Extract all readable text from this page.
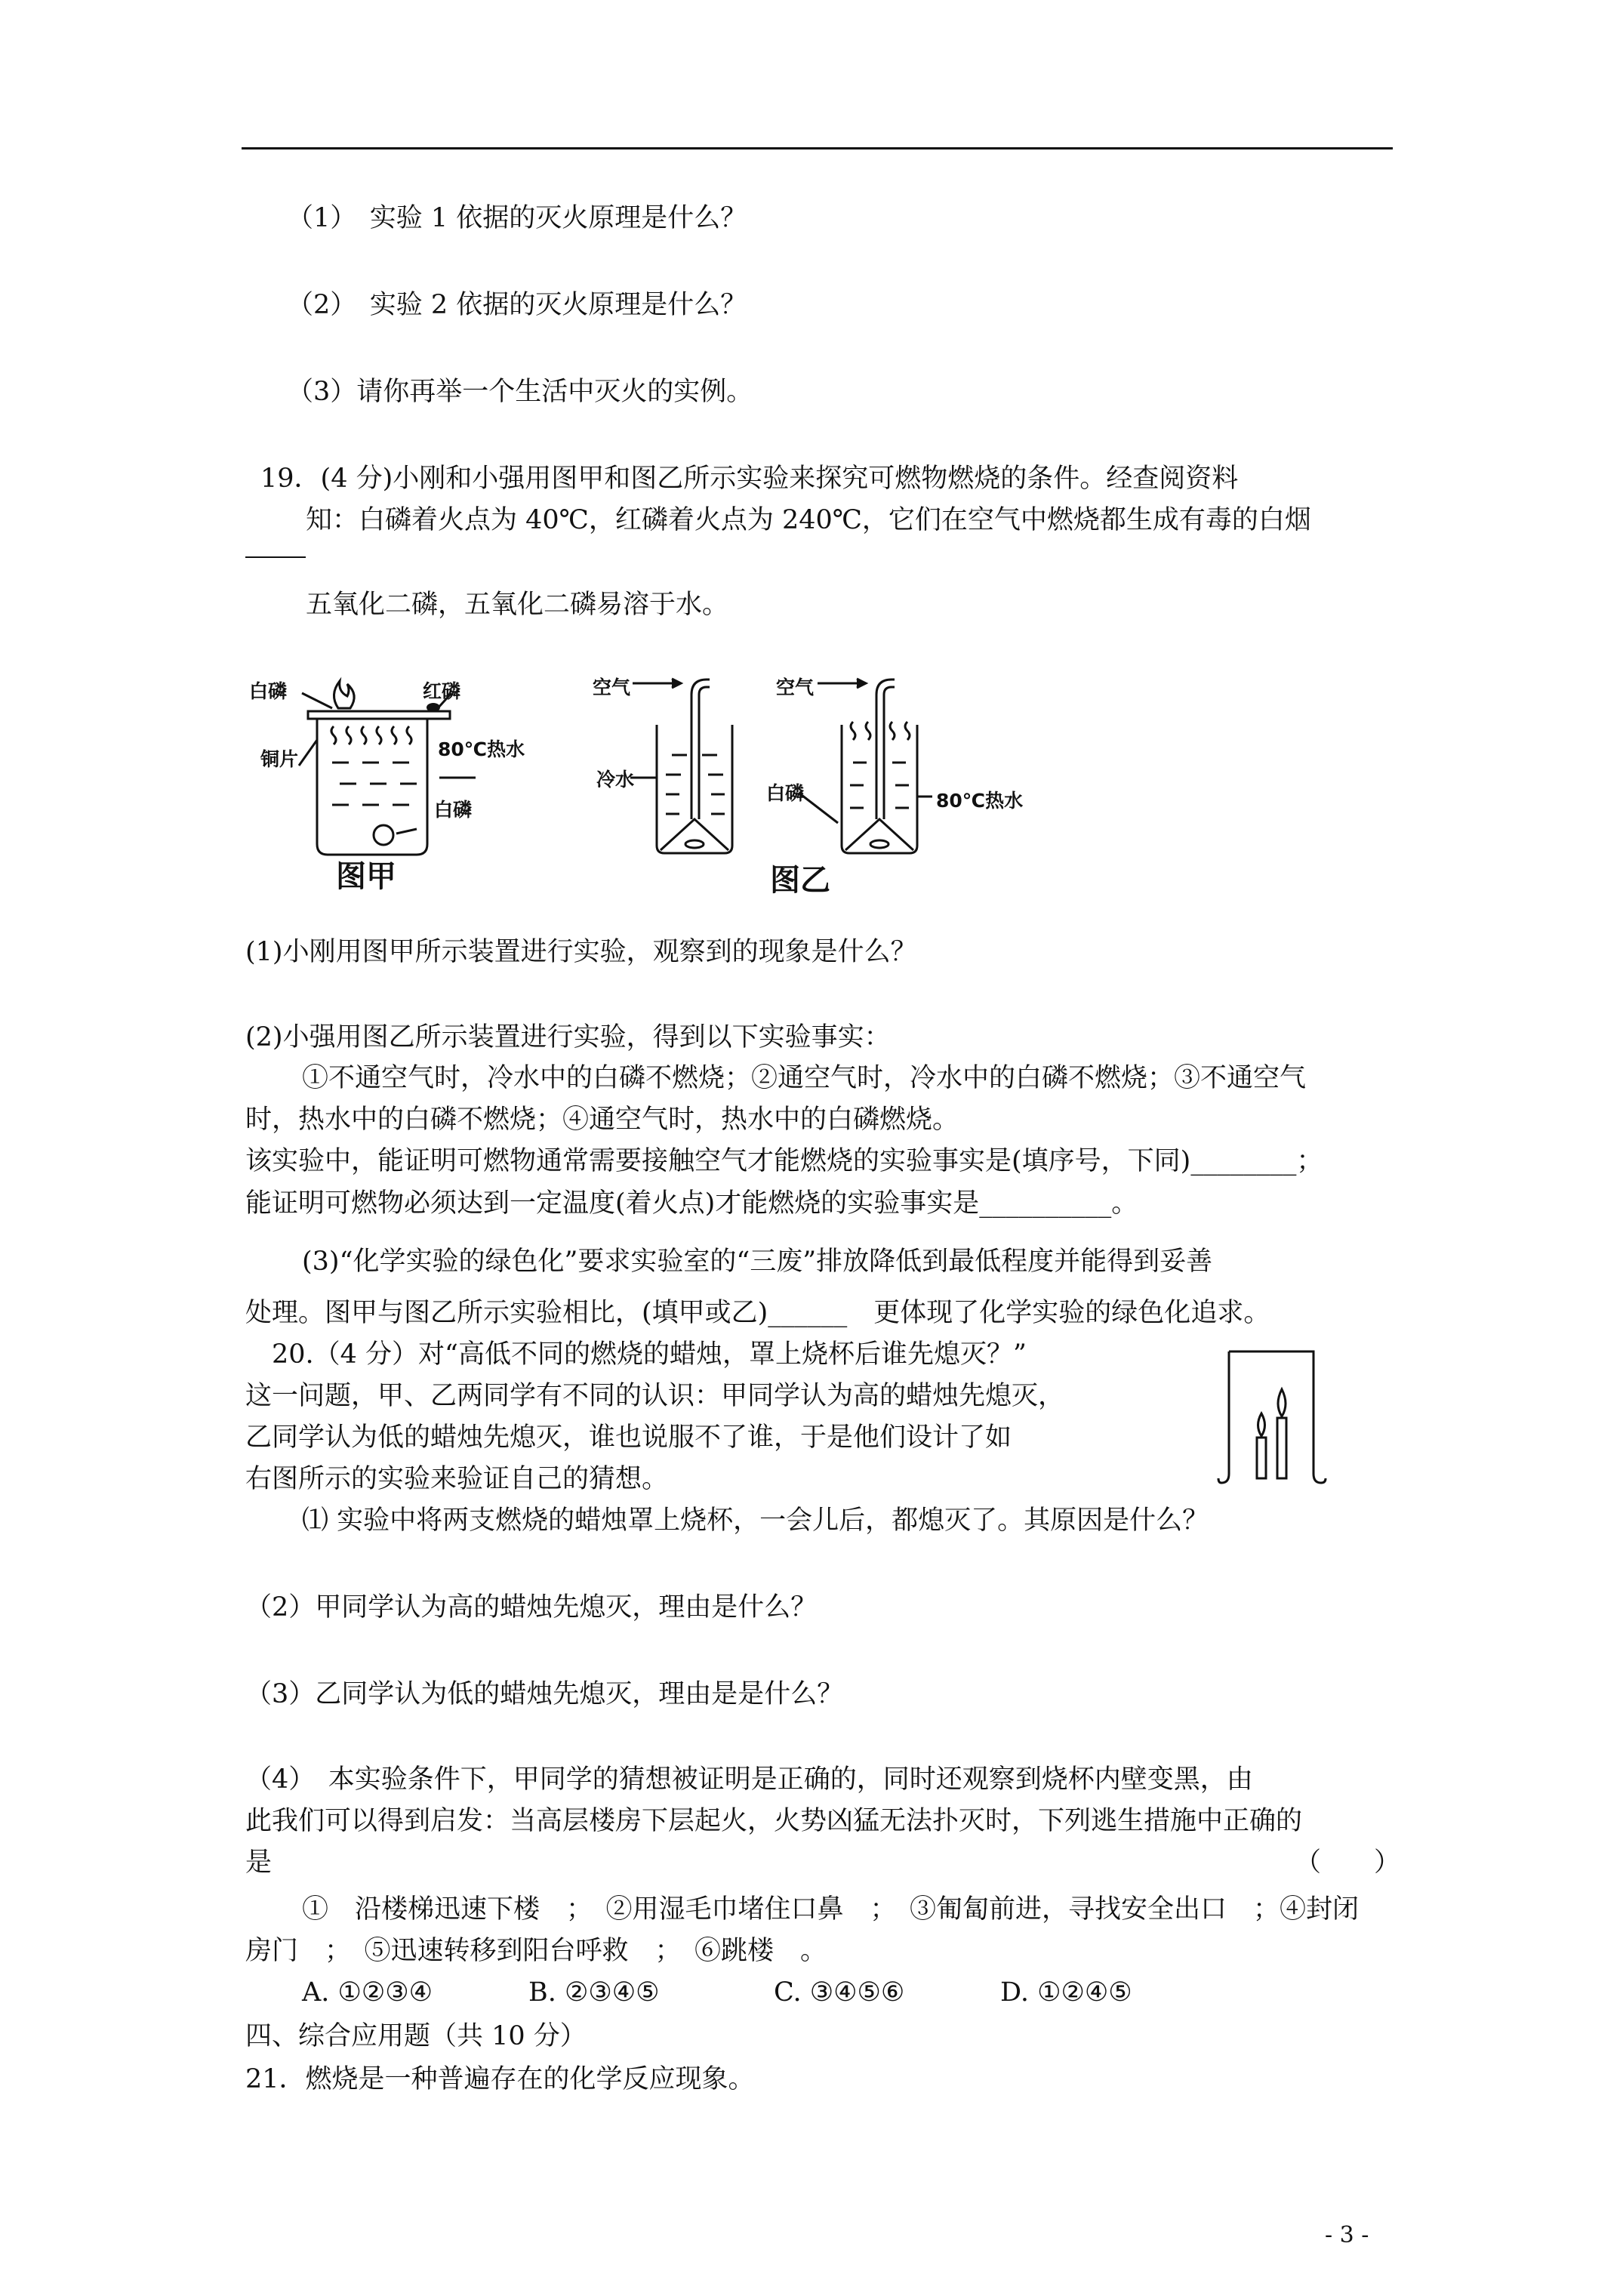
（1）　实验 1 依据的灭火原理是什么？
（2）　实验 2 依据的灭火原理是什么？
（3）请你再举一个生活中灭火的实例。
19．(4 分)小刚和小强用图甲和图乙所示实验来探究可燃物燃烧的条件。经查阅资料
知：白磷着火点为 40℃，红磷着火点为 240℃，它们在空气中燃烧都生成有毒的白烟
五氧化二磷，五氧化二磷易溶于水。
白磷	红磷
铜片	80℃热水
白磷
图甲
空气	空气
冷水
白磷	80℃热水
图乙
(1)小刚用图甲所示装置进行实验，观察到的现象是什么？
(2)小强用图乙所示装置进行实验，得到以下实验事实：
①不通空气时，冷水中的白磷不燃烧；②通空气时，冷水中的白磷不燃烧；③不通空气
时，热水中的白磷不燃烧；④通空气时，热水中的白磷燃烧。
该实验中，能证明可燃物通常需要接触空气才能燃烧的实验事实是(填序号，下同)________；
能证明可燃物必须达到一定温度(着火点)才能燃烧的实验事实是__________。
(3)“化学实验的绿色化”要求实验室的“三废”排放降低到最低程度并能得到妥善
处理。图甲与图乙所示实验相比，(填甲或乙)______　更体现了化学实验的绿色化追求。
20.（4 分）对“高低不同的燃烧的蜡烛，罩上烧杯后谁先熄灭？”
这一问题，甲、乙两同学有不同的认识：甲同学认为高的蜡烛先熄灭，
乙同学认为低的蜡烛先熄灭，谁也说服不了谁，于是他们设计了如
右图所示的实验来验证自己的猜想。
⑴ 实验中将两支燃烧的蜡烛罩上烧杯，一会儿后，都熄灭了。其原因是什么？
（2）甲同学认为高的蜡烛先熄灭，理由是什么？
（3）乙同学认为低的蜡烛先熄灭，理由是是什么？
（4）　本实验条件下，甲同学的猜想被证明是正确的，同时还观察到烧杯内壁变黑，由
此我们可以得到启发：当高层楼房下层起火，火势凶猛无法扑灭时，下列逃生措施中正确的
是	（　　）
①　沿楼梯迅速下楼　；　②用湿毛巾堵住口鼻　；　③匍匐前进，寻找安全出口　；④封闭
房门　；　⑤迅速转移到阳台呼救　；　⑥跳楼　。
A. ①②③④	B. ②③④⑤	C. ③④⑤⑥	D. ①②④⑤
四、综合应用题（共 10 分）
21．燃烧是一种普遍存在的化学反应现象。
- 3 -
